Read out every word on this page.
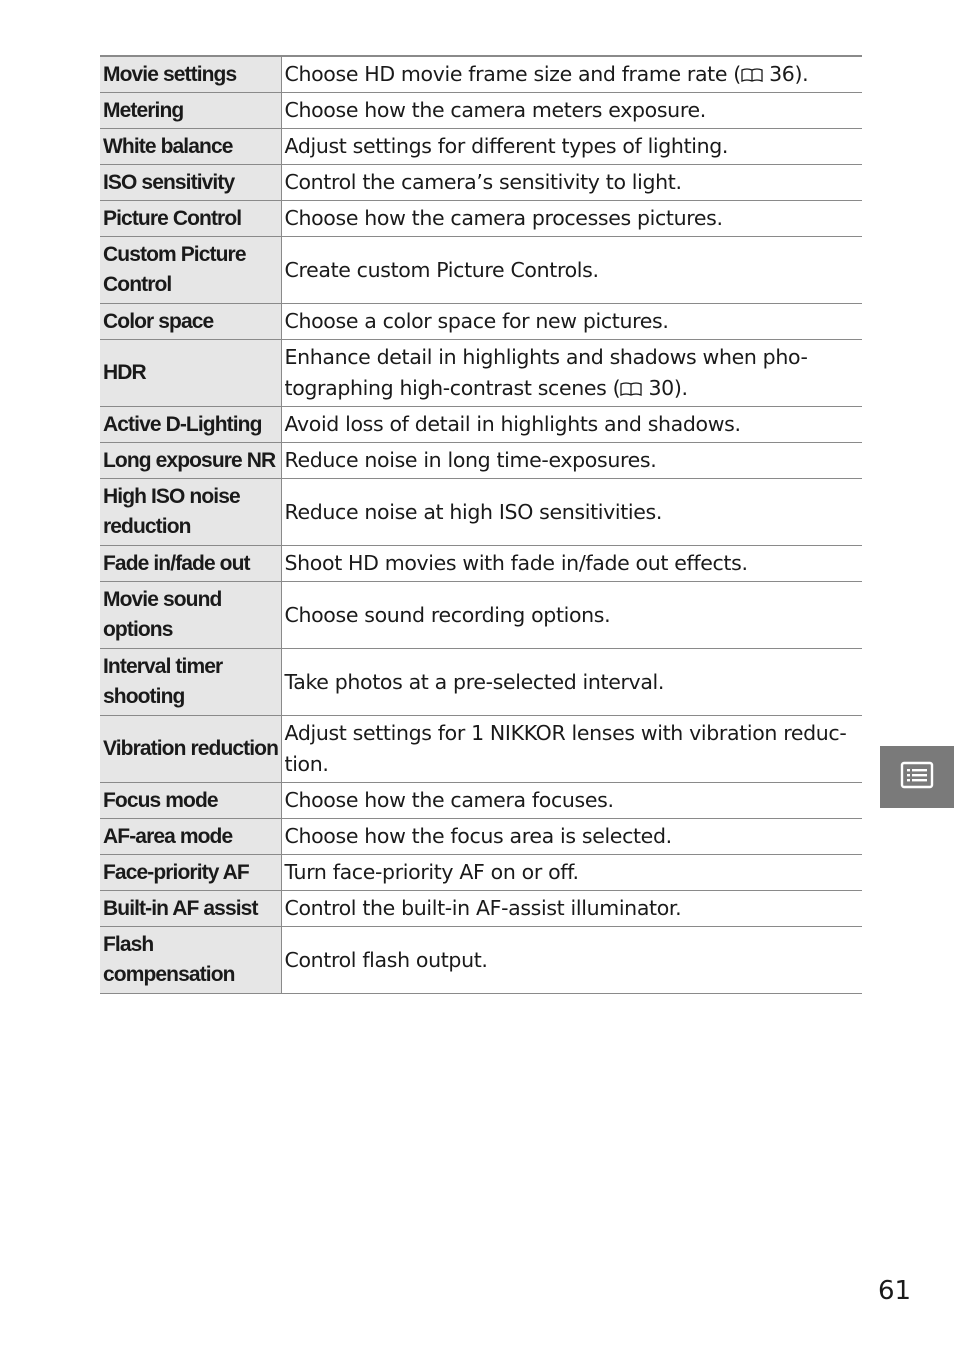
Movie settings	Choose HD movie frame size and frame rate ( 36).
Metering	Choose how the camera meters exposure.
White balance	Adjust settings for different types of lighting.
ISO sensitivity	Control the camera’s sensitivity to light.
Picture Control	Choose how the camera processes pictures.
Custom Picture Control	Create custom Picture Controls.
Color space	Choose a color space for new pictures.
HDR	Enhance detail in highlights and shadows when pho-tographing high-contrast scenes ( 30).
Active D-Lighting	Avoid loss of detail in highlights and shadows.
Long exposure NR	Reduce noise in long time-exposures.
High ISO noise reduction	Reduce noise at high ISO sensitivities.
Fade in/fade out	Shoot HD movies with fade in/fade out effects.
Movie sound options	Choose sound recording options.
Interval timer shooting	Take photos at a pre-selected interval.
Vibration reduction	Adjust settings for 1 NIKKOR lenses with vibration reduc-tion.
Focus mode	Choose how the camera focuses.
AF-area mode	Choose how the focus area is selected.
Face-priority AF	Turn face-priority AF on or off.
Built-in AF assist	Control the built-in AF-assist illuminator.
Flash compensation	Control flash output.
61
